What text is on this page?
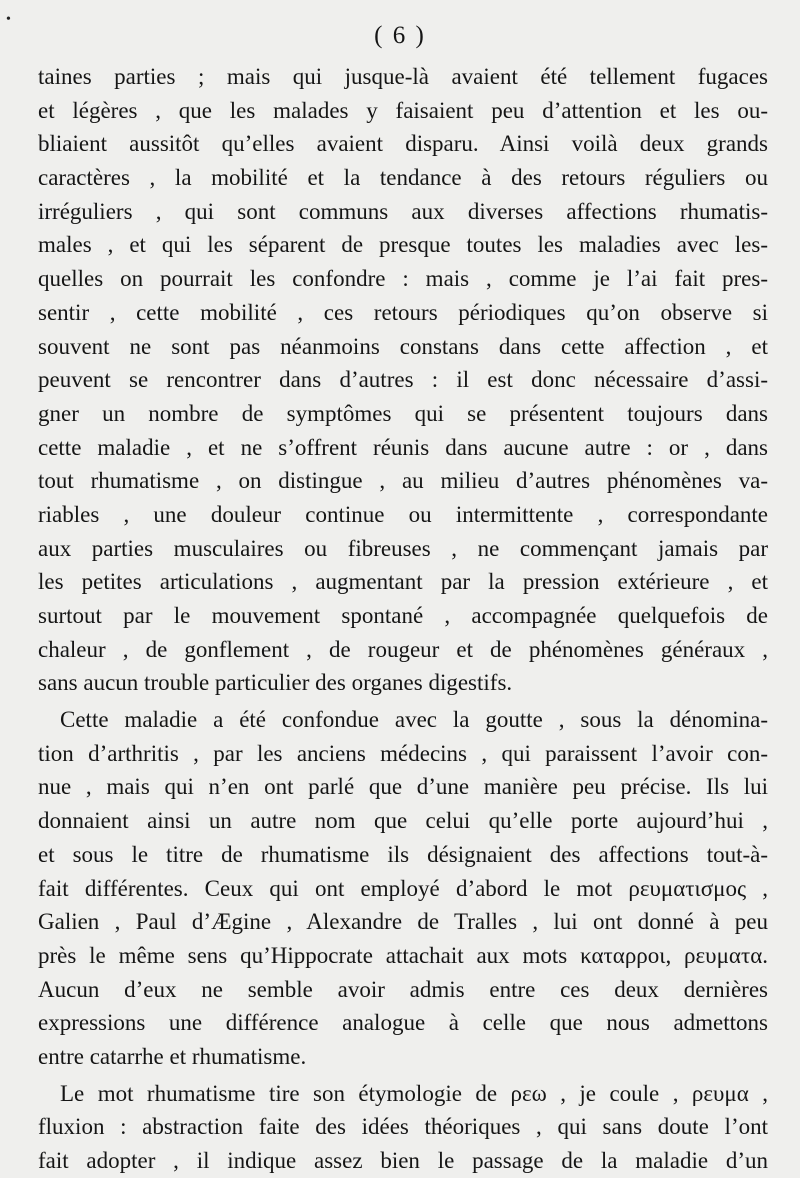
•
( 6 )
taines parties ; mais qui jusque-là avaient été tellement fugaces
et légères , que les malades y faisaient peu d’attention et les ou-
bliaient aussitôt qu’elles avaient disparu. Ainsi voilà deux grands
caractères , la mobilité et la tendance à des retours réguliers ou
irréguliers , qui sont communs aux diverses affections rhumatis-
males , et qui les séparent de presque toutes les maladies avec les-
quelles on pourrait les confondre : mais , comme je l’ai fait pres-
sentir , cette mobilité , ces retours périodiques qu’on observe si
souvent ne sont pas néanmoins constans dans cette affection , et
peuvent se rencontrer dans d’autres : il est donc nécessaire d’assi-
gner un nombre de symptômes qui se présentent toujours dans
cette maladie , et ne s’offrent réunis dans aucune autre : or , dans
tout rhumatisme , on distingue , au milieu d’autres phénomènes va-
riables , une douleur continue ou intermittente , correspondante
aux parties musculaires ou fibreuses , ne commençant jamais par
les petites articulations , augmentant par la pression extérieure , et
surtout par le mouvement spontané , accompagnée quelquefois de
chaleur , de gonflement , de rougeur et de phénomènes généraux ,
sans aucun trouble particulier des organes digestifs.
Cette maladie a été confondue avec la goutte , sous la dénomina-
tion d’arthritis , par les anciens médecins , qui paraissent l’avoir con-
nue , mais qui n’en ont parlé que d’une manière peu précise. Ils lui
donnaient ainsi un autre nom que celui qu’elle porte aujourd’hui ,
et sous le titre de rhumatisme ils désignaient des affections tout-à-
fait différentes. Ceux qui ont employé d’abord le mot ρευματισμος ,
Galien , Paul d’Ægine , Alexandre de Tralles , lui ont donné à peu
près le même sens qu’Hippocrate attachait aux mots καταρροι, ρευματα.
Aucun d’eux ne semble avoir admis entre ces deux dernières
expressions une différence analogue à celle que nous admettons
entre catarrhe et rhumatisme.
Le mot rhumatisme tire son étymologie de ρεω , je coule , ρευμα ,
fluxion : abstraction faite des idées théoriques , qui sans doute l’ont
fait adopter , il indique assez bien le passage de la maladie d’un
